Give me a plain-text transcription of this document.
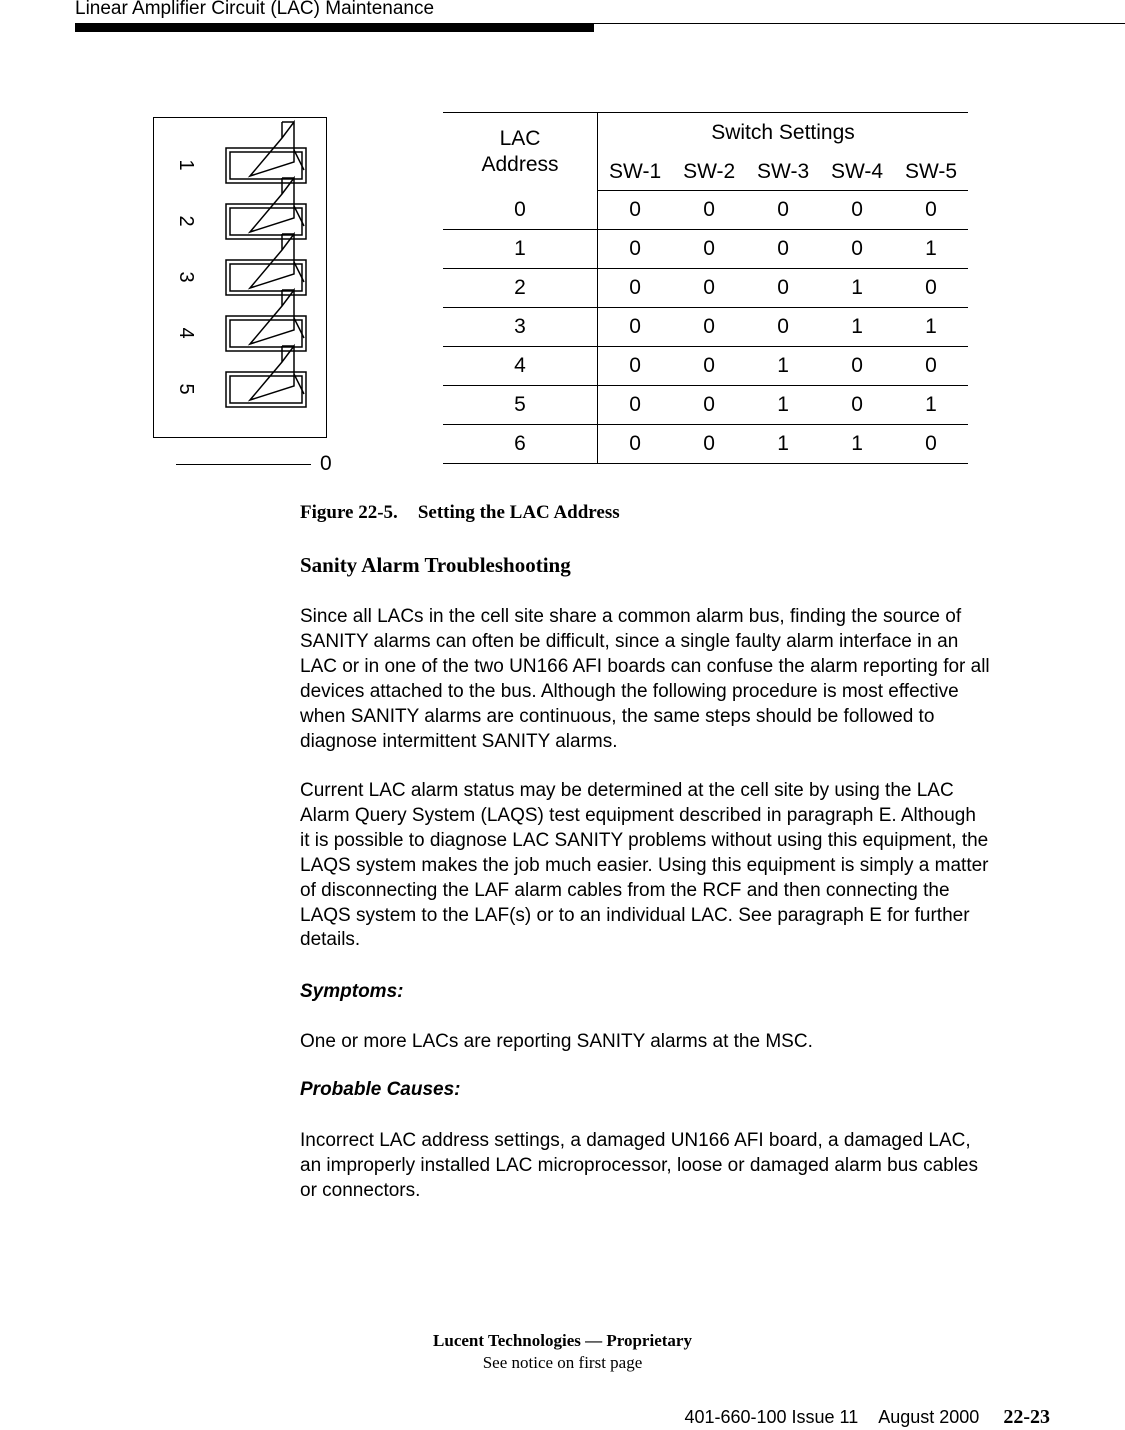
Linear Amplifier Circuit (LAC) Maintenance
1
2
3
4
5
0
LAC
Address	Switch Settings				
	SW-1	SW-2	SW-3	SW-4	SW-5
0	0	0	0	0	0
1	0	0	0	0	1
2	0	0	0	1	0
3	0	0	0	1	1
4	0	0	1	0	0
5	0	0	1	0	1
6	0	0	1	1	0
Figure 22-5. Setting the LAC Address
Sanity Alarm Troubleshooting
Since all LACs in the cell site share a common alarm bus, finding the source of
SANITY alarms can often be difficult, since a single faulty alarm interface in an
LAC or in one of the two UN166 AFI boards can confuse the alarm reporting for all
devices attached to the bus. Although the following procedure is most effective
when SANITY alarms are continuous, the same steps should be followed to
diagnose intermittent SANITY alarms.
Current LAC alarm status may be determined at the cell site by using the LAC
Alarm Query System (LAQS) test equipment described in paragraph E. Although
it is possible to diagnose LAC SANITY problems without using this equipment, the
LAQS system makes the job much easier. Using this equipment is simply a matter
of disconnecting the LAF alarm cables from the RCF and then connecting the
LAQS system to the LAF(s) or to an individual LAC. See paragraph E for further
details.
Symptoms:
One or more LACs are reporting SANITY alarms at the MSC.
Probable Causes:
Incorrect LAC address settings, a damaged UN166 AFI board, a damaged LAC,
an improperly installed LAC microprocessor, loose or damaged alarm bus cables
or connectors.
Lucent Technologies — Proprietary
See notice on first page
401-660-100 Issue 11 August 2000 22-23
